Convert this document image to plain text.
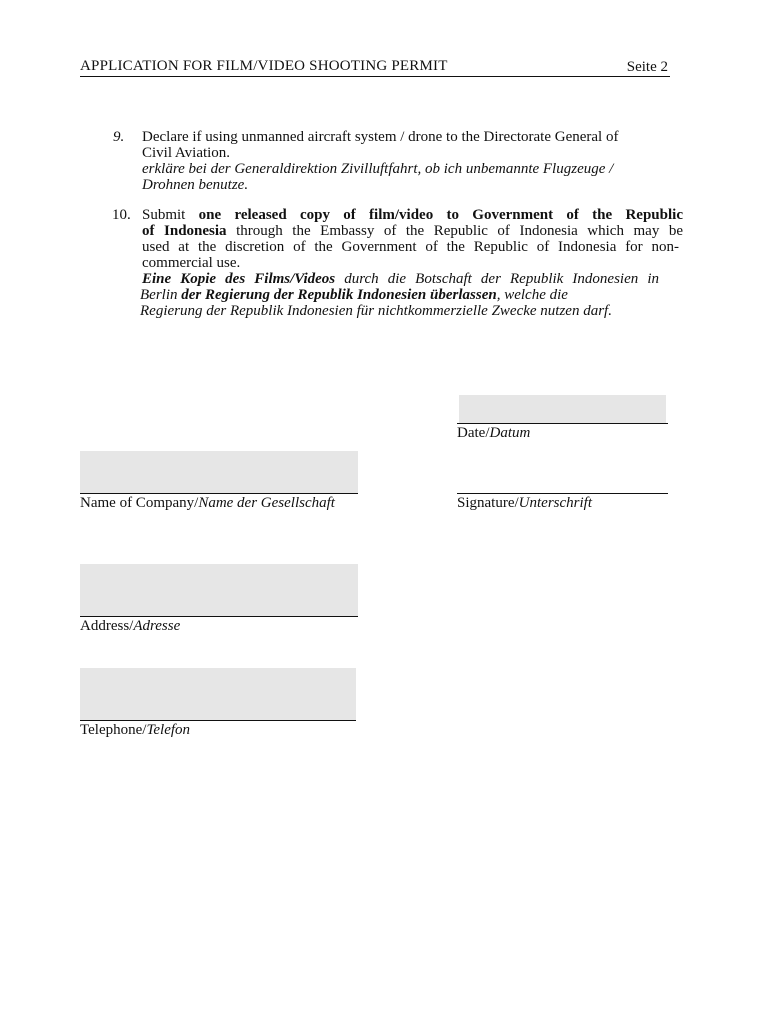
APPLICATION FOR FILM/VIDEO SHOOTING PERMIT	Seite 2
9. Declare if using unmanned aircraft system / drone to the Directorate General of
Civil Aviation.
erkläre bei der Generaldirektion Zivilluftfahrt, ob ich unbemannte Flugzeuge /
Drohnen benutze.
10. Submit one released copy of film/video to Government of the Republic
of Indonesia through the Embassy of the Republic of Indonesia which may be
used at the discretion of the Government of the Republic of Indonesia for non-
commercial use.
Eine Kopie des Films/Videos durch die Botschaft der Republik Indonesien in
Berlin der Regierung der Republik Indonesien überlassen, welche die
Regierung der Republik Indonesien für nichtkommerzielle Zwecke nutzen darf.
Date/Datum
Name of Company/Name der Gesellschaft	Signature/Unterschrift
Address/Adresse
Telephone/Telefon
